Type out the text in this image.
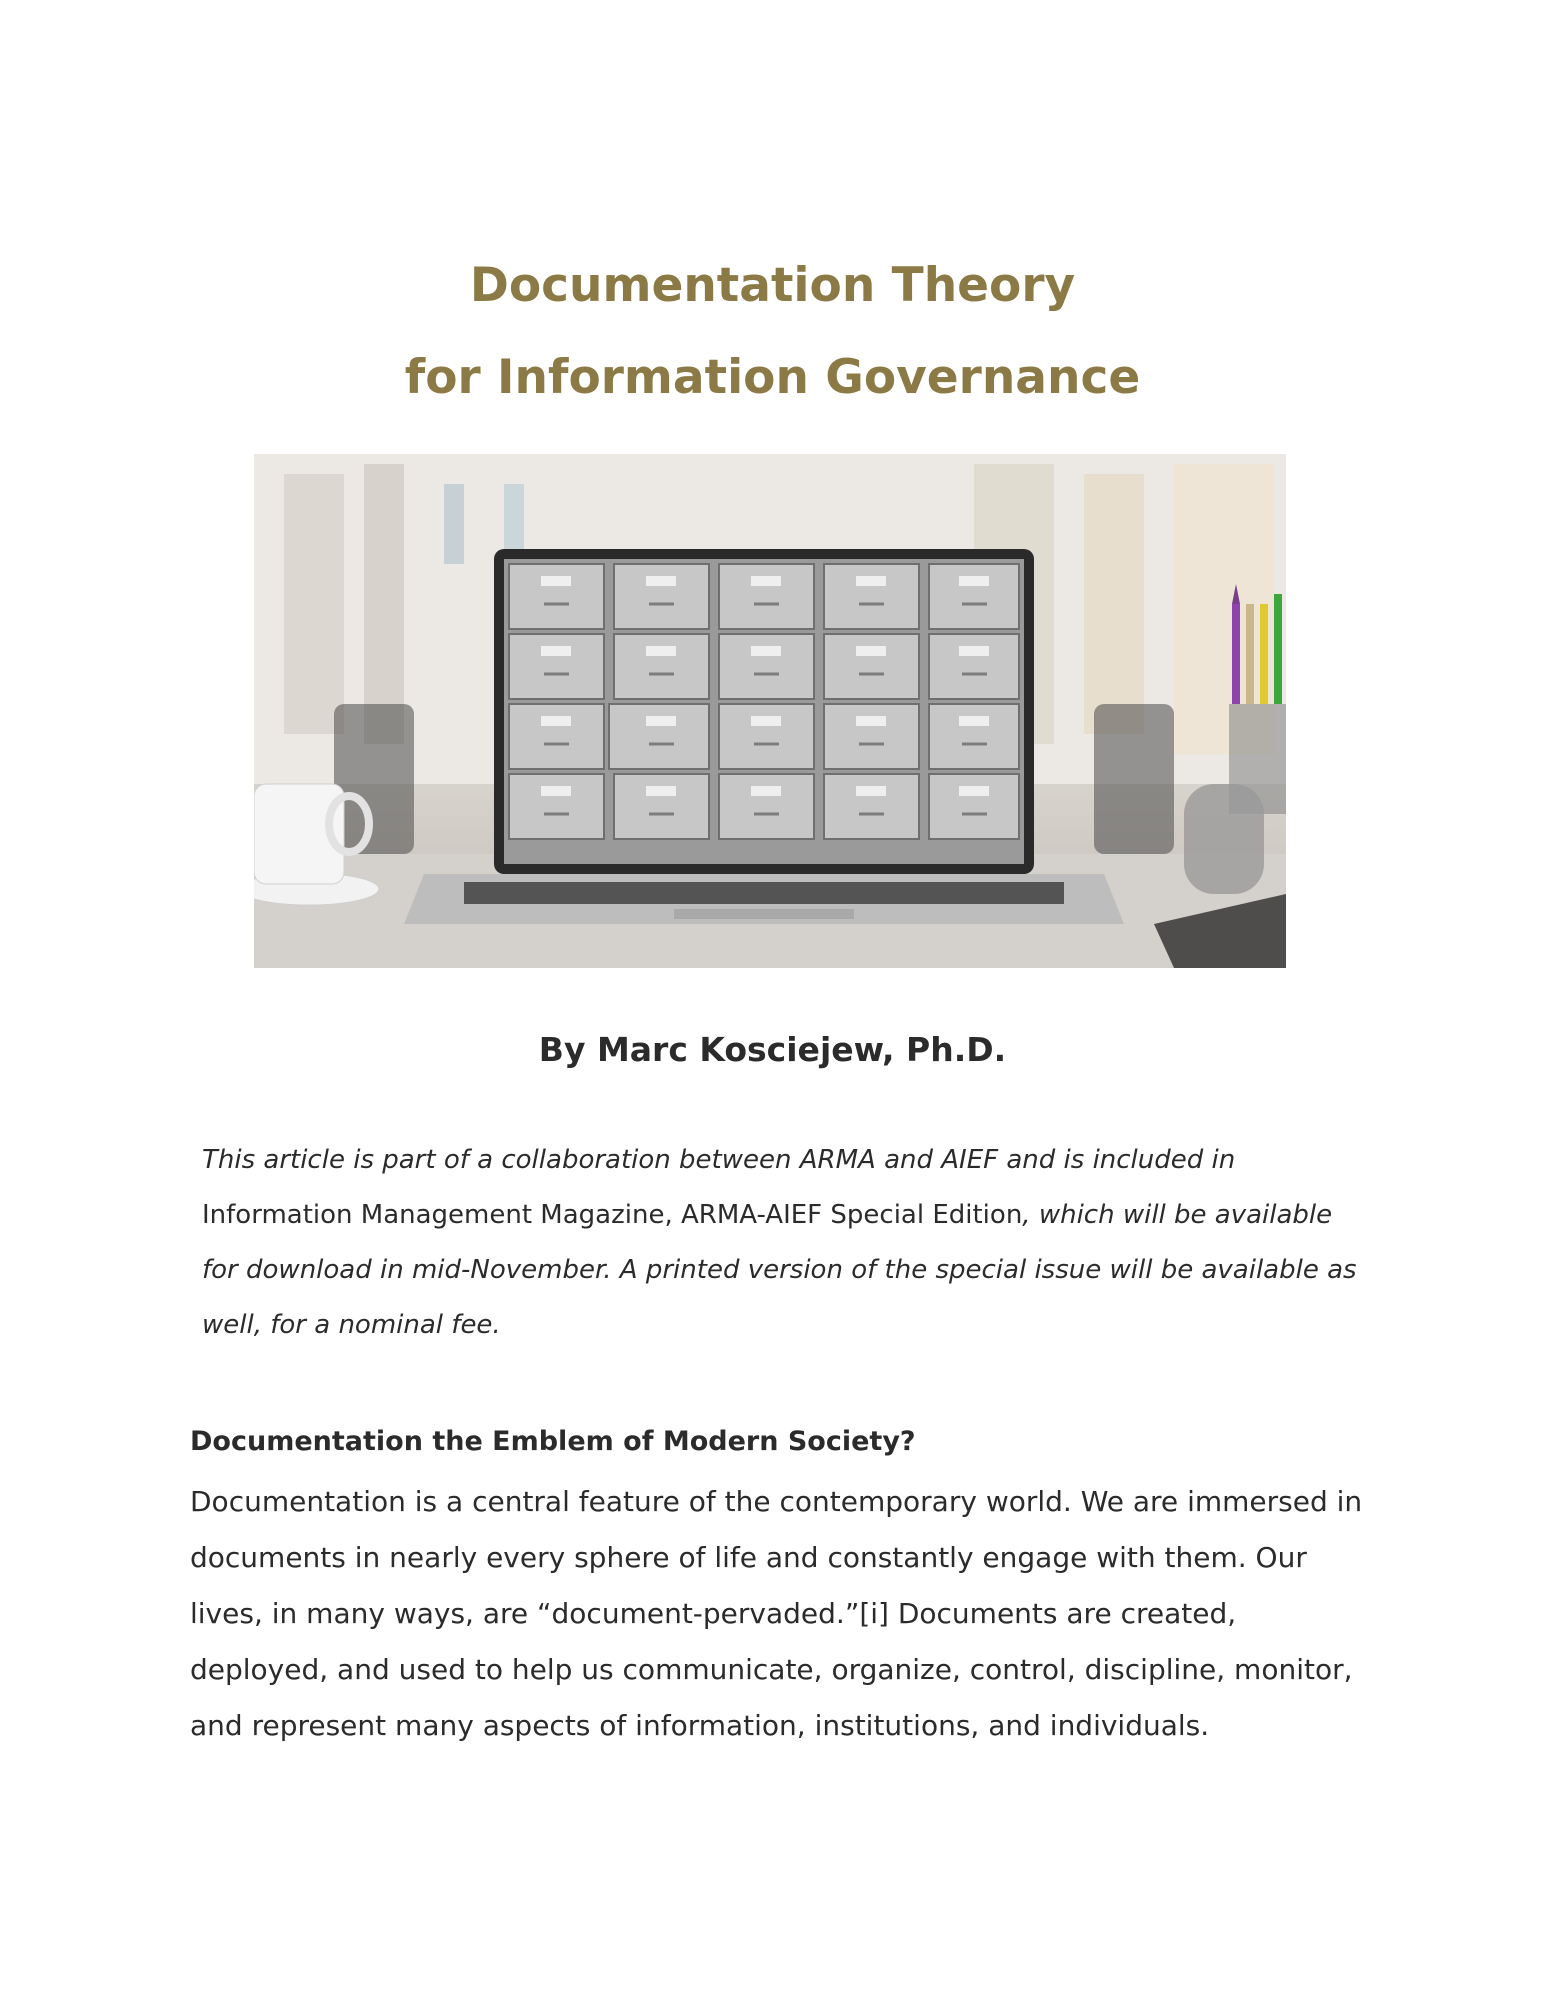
Documentation Theory
for Information Governance
By Marc Kosciejew, Ph.D.
This article is part of a collaboration between ARMA and AIEF and is included in Information Management Magazine, ARMA-AIEF Special Edition, which will be available for download in mid-November. A printed version of the special issue will be available as well, for a nominal fee.
Documentation the Emblem of Modern Society?
Documentation is a central feature of the contemporary world. We are immersed in documents in nearly every sphere of life and constantly engage with them. Our lives, in many ways, are “document-pervaded.”[i] Documents are created, deployed, and used to help us communicate, organize, control, discipline, monitor, and represent many aspects of information, institutions, and individuals.
